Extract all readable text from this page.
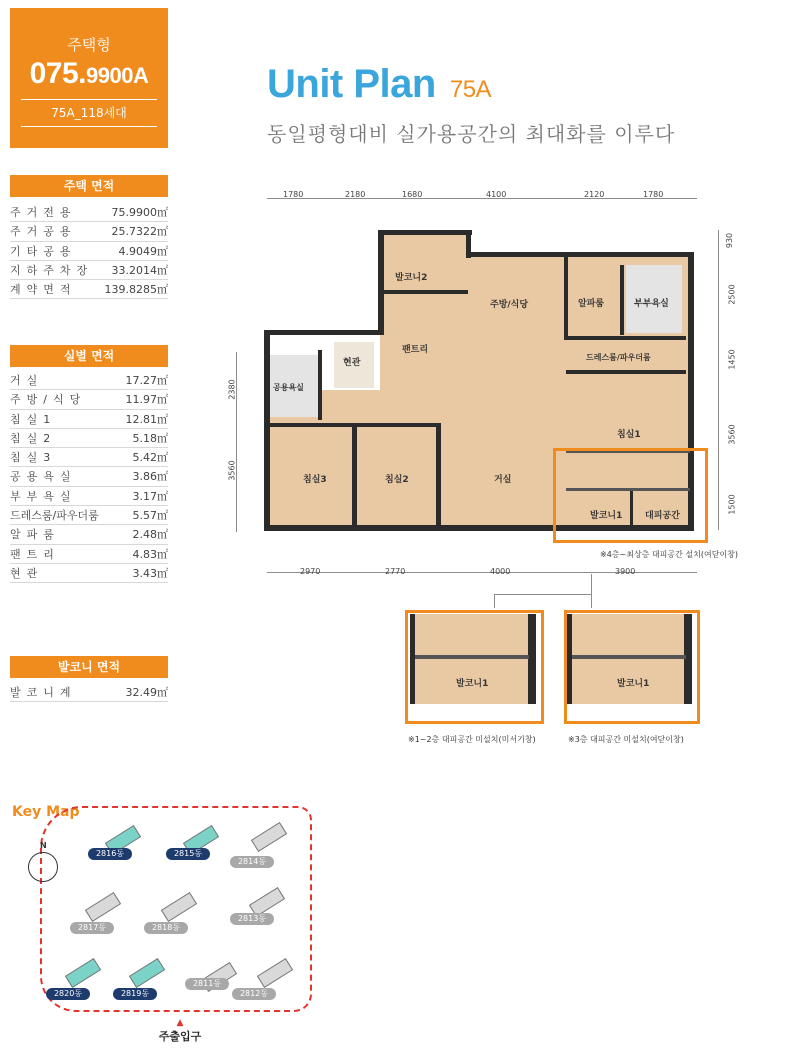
주택형
075.9900A
75A_118세대
주택 면적
주거전용	75.9900㎡
주거공용	25.7322㎡
기타공용	4.9049㎡
지하주차장 33.2014㎡
계약면적	139.8285㎡
실별 면적
거실	17.27㎡
주방/식당	11.97㎡
침실1	12.81㎡
침실2	5.18㎡
침실3	5.42㎡
공용욕실	3.86㎡
부부욕실	3.17㎡
드레스룸/파우더룸	5.57㎡
알파룸	2.48㎡
팬트리	4.83㎡
현관	3.43㎡
발코니 면적
발코니계	32.49㎡
Unit Plan 75A
동일평형대비 실가용공간의 최대화를 이루다
1780	2180	1680	4100	2120	1780
2970	2770	4000	3900
930
2500
1450
3560
1500
2380
3560
발코니2
주방/식당	알파룸	부부욕실
현관
팬트리
드레스룸/파우더룸
공용욕실
침실1
침실3	침실2	거실
발코니1	대피공간
※4층~최상층 대피공간 설치(여닫이창)
발코니1
※1~2층 대피공간 미설치(미서기창)
발코니1
※3층 대피공간 미설치(여닫이창)
Key Map
N
2816동	2815동
2814동
2817동	2818동
2813동
2820동	2819동
2811동
2812동
▲
주출입구
